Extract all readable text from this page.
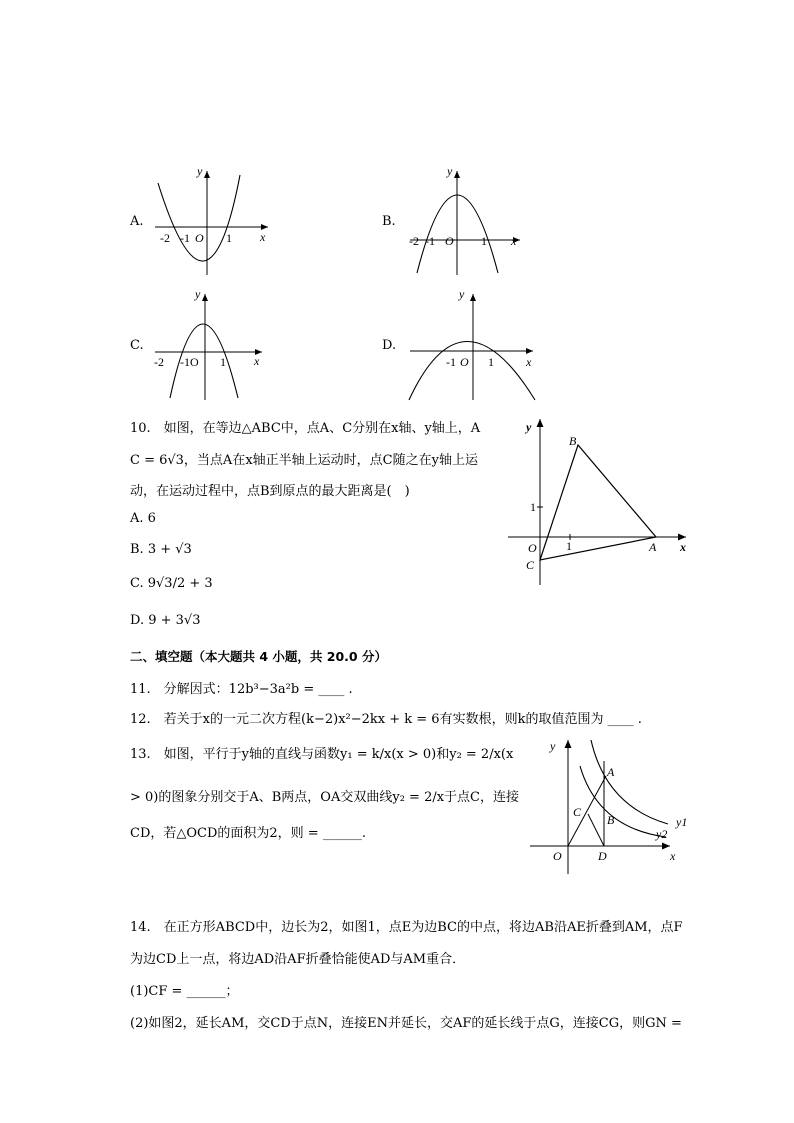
A.
y
x
-2 -1 O 1
B.
y
x
-2 -1 O 1
C.
y
x
-2 -1O 1
D.
y
x
-1 O 1
10.　如图，在等边△ABC中，点A、C分别在x轴、y轴上，A
C = 6√3，当点A在x轴正半轴上运动时，点C随之在y轴上运
动，在运动过程中，点B到原点的最大距离是(　)
A. 6
B. 3 + √3
C. 9√3/2 + 3
D. 9 + 3√3
y
x
B
A
O
C
1
1
二、填空题（本大题共 4 小题，共 20.0 分）
11.　分解因式：12b³−3a²b = ____ .
12.　若关于x的一元二次方程(k−2)x²−2kx + k = 6有实数根，则k的取值范围为 ____ .
13.　如图，平行于y轴的直线与函数y₁ = k/x(x > 0)和y₂ = 2/x(x
> 0)的图象分别交于A、B两点，OA交双曲线y₂ = 2/x于点C，连接
CD，若△OCD的面积为2，则 = ______.
y
x
A
B
C
O	D
y1
y2
14.　在正方形ABCD中，边长为2，如图1，点E为边BC的中点，将边AB沿AE折叠到AM，点F
为边CD上一点，将边AD沿AF折叠恰能使AD与AM重合．
(1)CF = ______；
(2)如图2，延长AM，交CD于点N，连接EN并延长，交AF的延长线于点G，连接CG，则GN =
